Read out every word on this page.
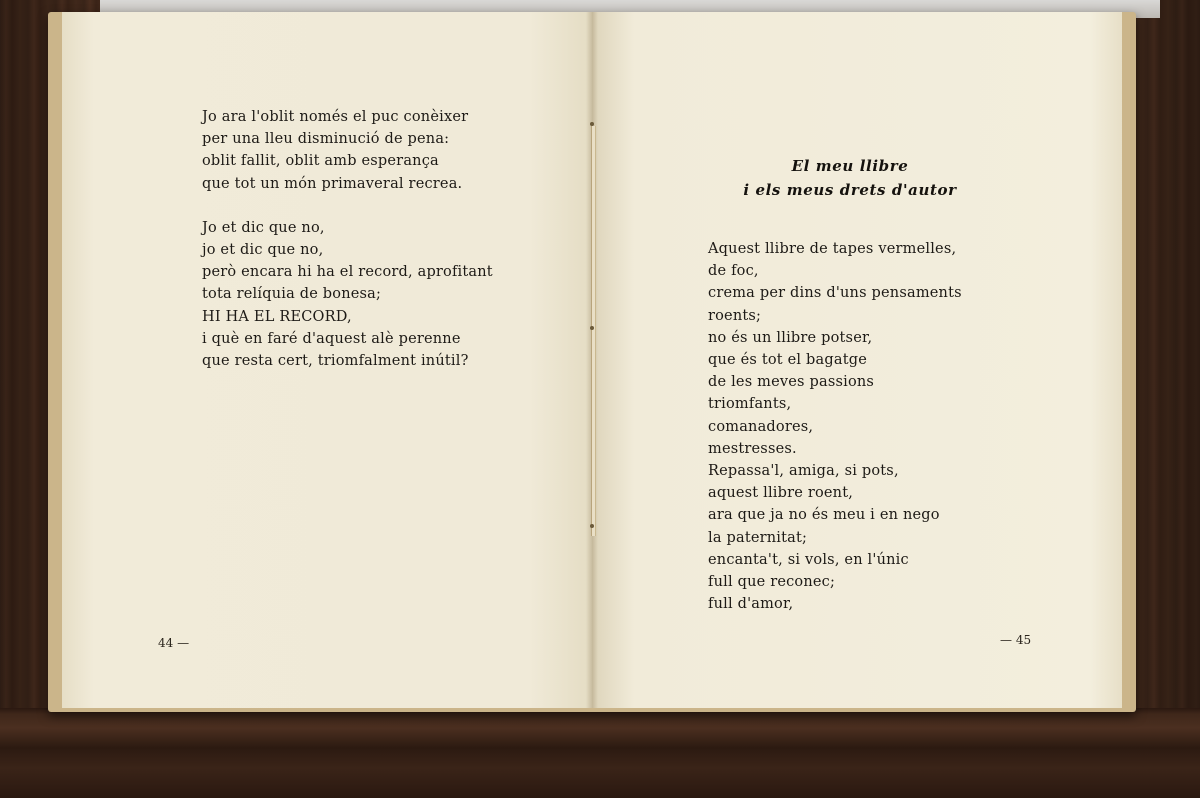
Jo ara l'oblit només el puc conèixer
per una lleu disminució de pena:
oblit fallit, oblit amb esperança
que tot un món primaveral recrea.
Jo et dic que no,
jo et dic que no,
però encara hi ha el record, aprofitant
tota relíquia de bonesa;
HI HA EL RECORD,
i què en faré d'aquest alè perenne
que resta cert, triomfalment inútil?
El meu llibre
i els meus drets d'autor
Aquest llibre de tapes vermelles,
de foc,
crema per dins d'uns pensaments
roents;
no és un llibre potser,
que és tot el bagatge
de les meves passions
triomfants,
comanadores,
mestresses.
Repassa'l, amiga, si pots,
aquest llibre roent,
ara que ja no és meu i en nego
la paternitat;
encanta't, si vols, en l'únic
full que reconec;
full d'amor,
44 —	— 45
